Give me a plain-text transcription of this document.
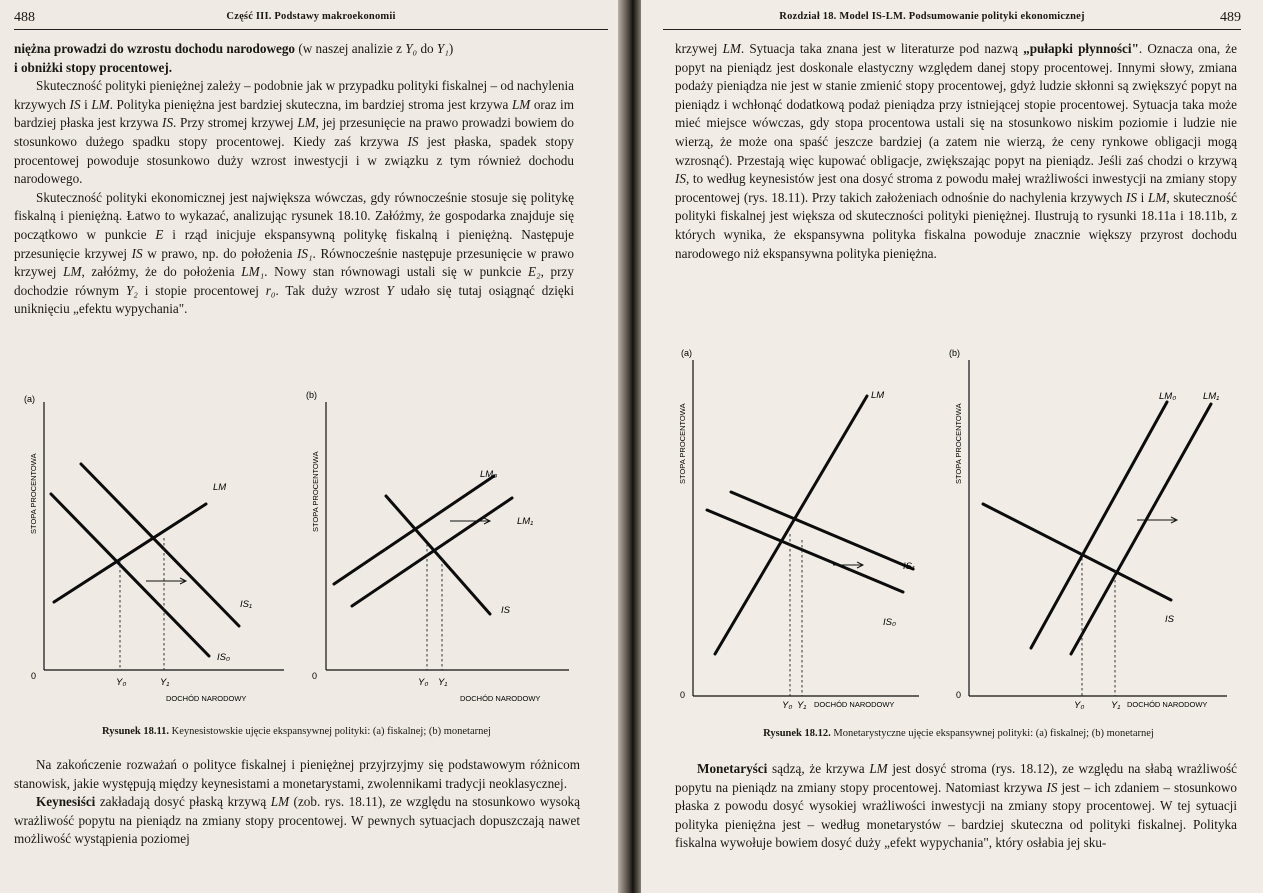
488	Część III. Podstawy makroekonomii

niężna prowadzi do wzrostu dochodu narodowego (w naszej analizie z Y₀ do Y₁)
i obniżki stopy procentowej.

Skuteczność polityki pieniężnej zależy – podobnie jak w przypadku polityki fiskalnej – od nachylenia krzywych IS i LM. Polityka pieniężna jest bardziej skuteczna, im bardziej stroma jest krzywa LM oraz im bardziej płaska jest krzywa IS. Przy stromej krzywej LM, jej przesunięcie na prawo prowadzi bowiem do stosunkowo dużego spadku stopy procentowej. Kiedy zaś krzywa IS jest płaska, spadek stopy procentowej powoduje stosunkowo duży wzrost inwestycji i w związku z tym również dochodu narodowego.

Skuteczność polityki ekonomicznej jest największa wówczas, gdy równocześnie stosuje się politykę fiskalną i pieniężną. Łatwo to wykazać, analizując rysunek 18.10. Załóżmy, że gospodarka znajduje się początkowo w punkcie E i rząd inicjuje ekspansywną politykę fiskalną i pieniężną. Następuje przesunięcie krzywej IS w prawo, np. do położenia IS₁. Równocześnie następuje przesunięcie w prawo krzywej LM, załóżmy, że do położenia LM₁. Nowy stan równowagi ustali się w punkcie E₂, przy dochodzie równym Y₂ i stopie procentowej r₀. Tak duży wzrost Y udało się tutaj osiągnąć dzięki uniknięciu „efektu wypychania".

(a)
STOPA PROCENTOWA
0
LM
IS₁
IS₀
Y₀	Y₁
DOCHÓD NARODOWY
(b)
STOPA PROCENTOWA
0
LM₀
LM₁
IS
Y₀ Y₁
DOCHÓD NARODOWY
Rysunek 18.11. Keynesistowskie ujęcie ekspansywnej polityki: (a) fiskalnej; (b) monetarnej

Na zakończenie rozważań o polityce fiskalnej i pieniężnej przyjrzyjmy się podstawowym różnicom stanowisk, jakie występują między keynesistami a monetarystami, zwolennikami tradycji neoklasycznej.

Keynesiści zakładają dosyć płaską krzywą LM (zob. rys. 18.11), ze względu na stosunkowo wysoką wrażliwość popytu na pieniądz na zmiany stopy procentowej. W pewnych sytuacjach dopuszczają nawet możliwość wystąpienia poziomej

489
Rozdział 18. Model IS-LM. Podsumowanie polityki ekonomicznej

krzywej LM. Sytuacja taka znana jest w literaturze pod nazwą „pułapki płynności". Oznacza ona, że popyt na pieniądz jest doskonale elastyczny względem danej stopy procentowej. Innymi słowy, zmiana podaży pieniądza nie jest w stanie zmienić stopy procentowej, gdyż ludzie skłonni są zwiększyć popyt na pieniądz i wchłonąć dodatkową podaż pieniądza przy istniejącej stopie procentowej. Sytuacja taka może mieć miejsce wówczas, gdy stopa procentowa ustali się na stosunkowo niskim poziomie i ludzie nie wierzą, że może ona spaść jeszcze bardziej (a zatem nie wierzą, że ceny rynkowe obligacji mogą wzrosnąć). Przestają więc kupować obligacje, zwiększając popyt na pieniądz. Jeśli zaś chodzi o krzywą IS, to według keynesistów jest ona dosyć stroma z powodu małej wrażliwości inwestycji na zmiany stopy procentowej (rys. 18.11). Przy takich założeniach odnośnie do nachylenia krzywych IS i LM, skuteczność polityki fiskalnej jest większa od skuteczności polityki pieniężnej. Ilustrują to rysunki 18.11a i 18.11b, z których wynika, że ekspansywna polityka fiskalna powoduje znacznie większy przyrost dochodu narodowego niż ekspansywna polityka pieniężna.

(a)
STOPA PROCENTOWA
0
LM
IS₁
IS₀
Y₀ Y₁ DOCHÓD NARODOWY
(b)
STOPA PROCENTOWA
0
LM₀	LM₁
IS
Y₀	Y₁ DOCHÓD NARODOWY
Rysunek 18.12. Monetarystyczne ujęcie ekspansywnej polityki: (a) fiskalnej; (b) monetarnej

Monetaryści sądzą, że krzywa LM jest dosyć stroma (rys. 18.12), ze względu na słabą wrażliwość popytu na pieniądz na zmiany stopy procentowej. Natomiast krzywa IS jest – ich zdaniem – stosunkowo płaska z powodu dosyć wysokiej wrażliwości inwestycji na zmiany stopy procentowej. W tej sytuacji polityka pieniężna jest – według monetarystów – bardziej skuteczna od polityki fiskalnej. Polityka fiskalna wywołuje bowiem dosyć duży „efekt wypychania", który osłabia jej sku-
